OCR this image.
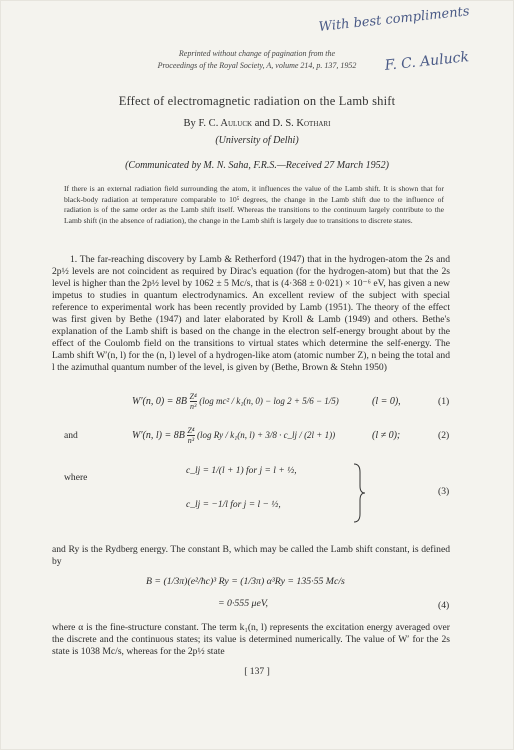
With best compliments
F. C. Auluck
Reprinted without change of pagination from the
Proceedings of the Royal Society, A, volume 214, p. 137, 1952
Effect of electromagnetic radiation on the Lamb shift
By F. C. Auluck and D. S. Kothari
(University of Delhi)
(Communicated by M. N. Saha, F.R.S.—Received 27 March 1952)
If there is an external radiation field surrounding the atom, it influences the value of the Lamb shift. It is shown that for black-body radiation at temperature comparable to 10⁵ degrees, the change in the Lamb shift due to the influence of radiation is of the same order as the Lamb shift itself. Whereas the transitions to the continuum largely contribute to the Lamb shift (in the absence of radiation), the change in the Lamb shift is largely due to transitions to discrete states.

1. The far-reaching discovery by Lamb & Retherford (1947) that in the hydrogen-atom the 2s and 2p½ levels are not coincident as required by Dirac's equation (for the hydrogen-atom) but that the 2s level is higher than the 2p½ level by 1062 ± 5 Mc/s, that is (4·368 ± 0·021) × 10⁻⁶ eV, has given a new impetus to studies in quantum electrodynamics. An excellent review of the subject with special reference to experimental work has been recently provided by Lamb (1951). The theory of the effect was first given by Bethe (1947) and later elaborated by Kroll & Lamb (1949) and others. Bethe's explanation of the Lamb shift is based on the change in the electron self-energy brought about by the effect of the Coulomb field on the transitions to virtual states which determine the self-energy. The Lamb shift W′(n, l) for the (n, l) level of a hydrogen-like atom (atomic number Z), n being the total and l the azimuthal quantum number of the level, is given by (Bethe, Brown & Stehn 1950)

W′(n, $0) = 8B \frac{\text{Z⁴}}{\text{n³}} (\log$ mc² / k₁(n, 0) − log 2 + 5/6 − 1/5)	(l = 0),	(1)
and	W′(n, $l) = 8B \frac{\text{Z⁴}}{\text{n³}} (\log$ Ry / k₁(n, l) + 3/8 · c_lj / (2l + 1))	(l ≠ 0);	(2)
where
c_lj = 1/(l + 1) for j = l + ½,
c_lj = −1/l for j = l − ½,
(3)

and Ry is the Rydberg energy. The constant B, which may be called the Lamb shift constant, is defined by

B = (1/3π)(e²/ħc)³ Ry = (1/3π) α³Ry = 135·55 Mc/s
= 0·555 μeV,	(4)

where α is the fine-structure constant. The term k₁(n, l) represents the excitation energy averaged over the discrete and the continuous states; its value is determined numerically. The value of W′ for the 2s state is 1038 Mc/s, whereas for the 2p½ state

[ 137 ]
